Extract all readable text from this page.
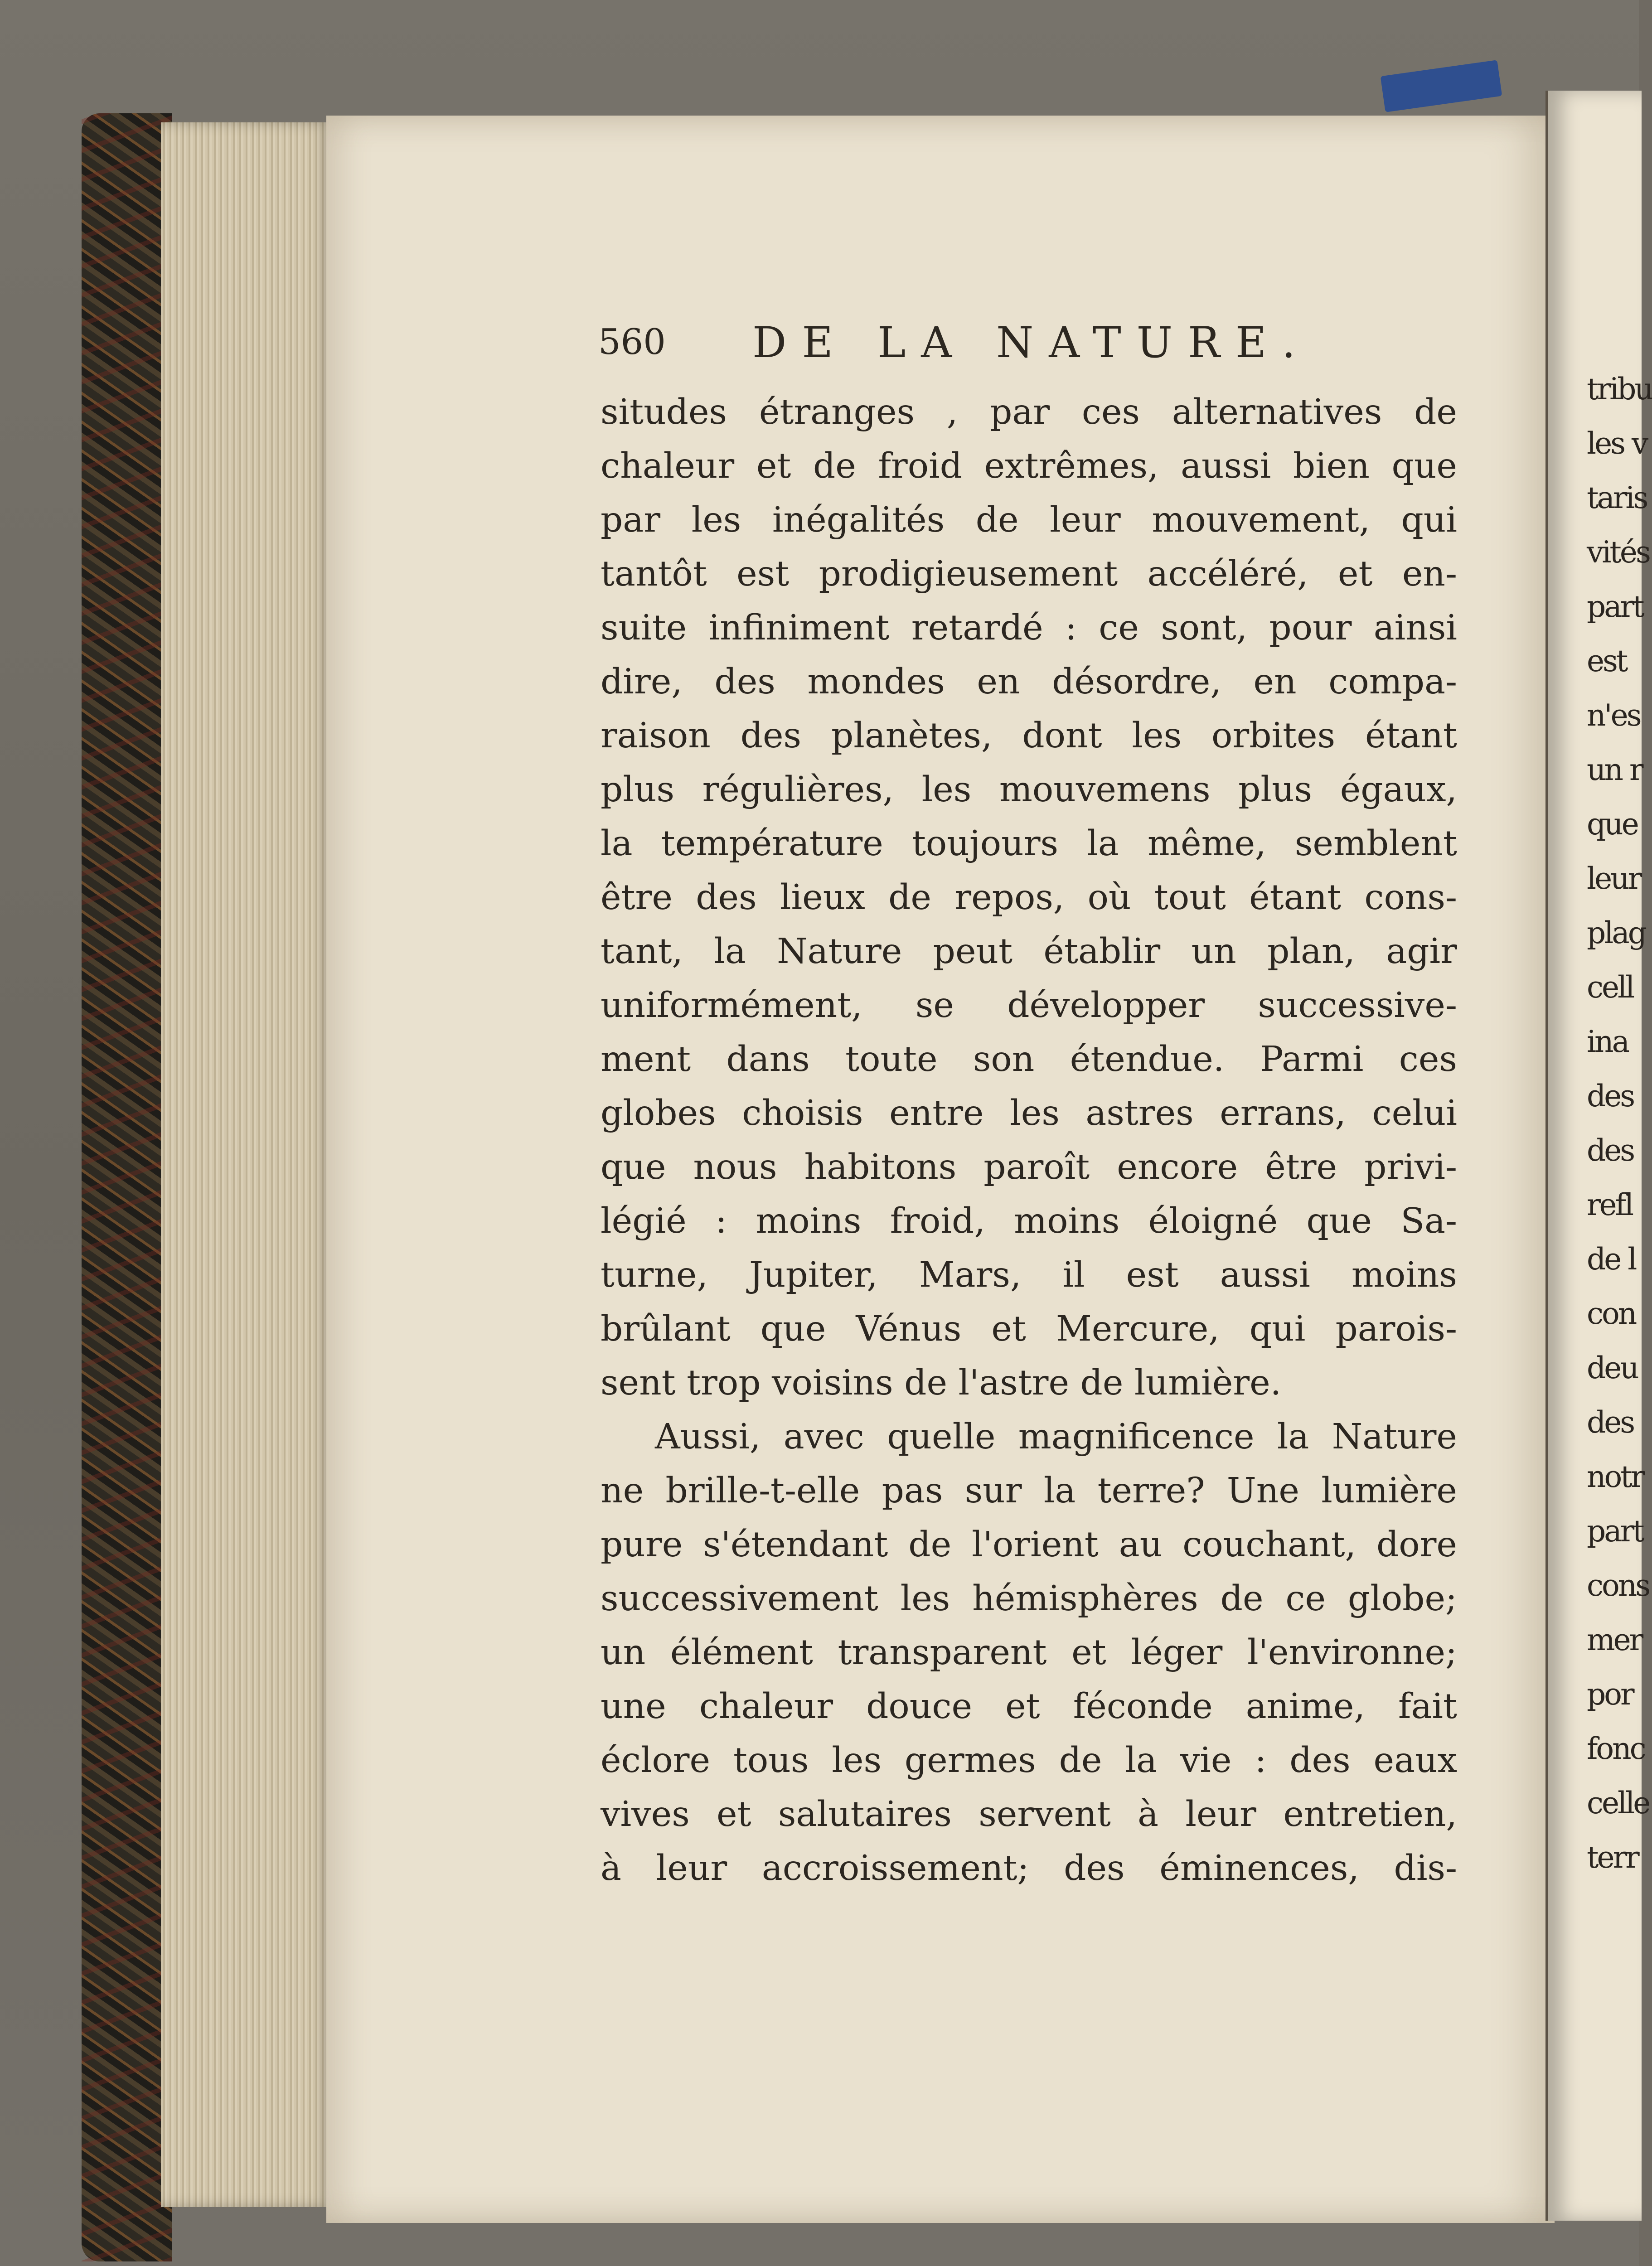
560 DE LA NATURE.
situdes étranges , par ces alternatives de
chaleur et de froid extrêmes, aussi bien que
par les inégalités de leur mouvement, qui
tantôt est prodigieusement accéléré, et en-
suite infiniment retardé : ce sont, pour ainsi
dire, des mondes en désordre, en compa-
raison des planètes, dont les orbites étant
plus régulières, les mouvemens plus égaux,
la température toujours la même, semblent
être des lieux de repos, où tout étant cons-
tant, la Nature peut établir un plan, agir
uniformément, se développer successive-
ment dans toute son étendue. Parmi ces
globes choisis entre les astres errans, celui
que nous habitons paroît encore être privi-
légié : moins froid, moins éloigné que Sa-
turne, Jupiter, Mars, il est aussi moins
brûlant que Vénus et Mercure, qui parois-
sent trop voisins de l'astre de lumière.
Aussi, avec quelle magnificence la Nature
ne brille-t-elle pas sur la terre? Une lumière
pure s'étendant de l'orient au couchant, dore
successivement les hémisphères de ce globe;
un élément transparent et léger l'environne;
une chaleur douce et féconde anime, fait
éclore tous les germes de la vie : des eaux
vives et salutaires servent à leur entretien,
à leur accroissement; des éminences, dis-
tribu
les v
taris
vités
part
est
n'es
un r
que
leur
plag
cell
ina
des
des
refl
de l
con
deu
des
notr
part
cons
mer
por
fonc
celle
terr
